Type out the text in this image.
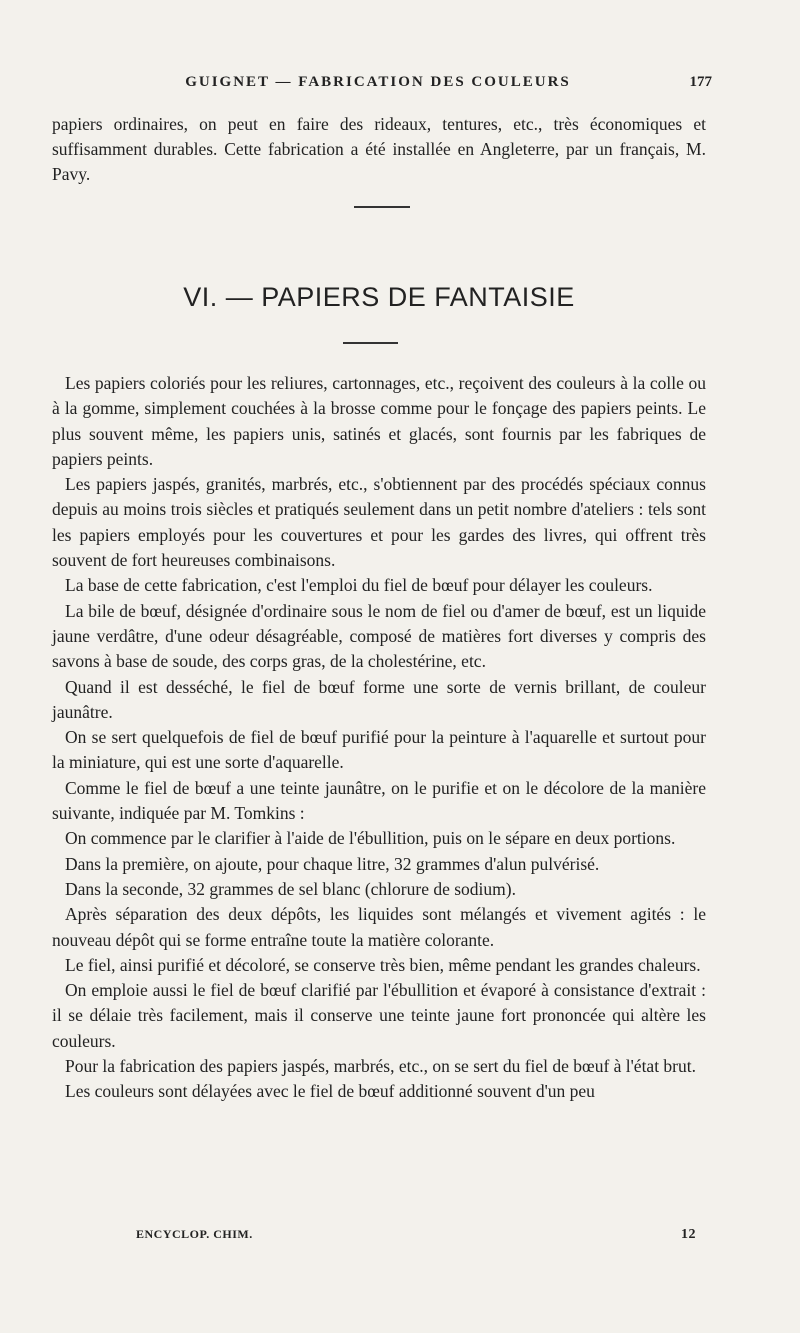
GUIGNET — FABRICATION DES COULEURS	177

papiers ordinaires, on peut en faire des rideaux, tentures, etc., très économiques et suffisamment durables. Cette fabrication a été installée en Angleterre, par un français, M. Pavy.

VI. — PAPIERS DE FANTAISIE

Les papiers coloriés pour les reliures, cartonnages, etc., reçoivent des couleurs à la colle ou à la gomme, simplement couchées à la brosse comme pour le fonçage des papiers peints. Le plus souvent même, les papiers unis, satinés et glacés, sont fournis par les fabriques de papiers peints.

Les papiers jaspés, granités, marbrés, etc., s'obtiennent par des procédés spéciaux connus depuis au moins trois siècles et pratiqués seulement dans un petit nombre d'ateliers : tels sont les papiers employés pour les couvertures et pour les gardes des livres, qui offrent très souvent de fort heureuses combinaisons.

La base de cette fabrication, c'est l'emploi du fiel de bœuf pour délayer les couleurs.

La bile de bœuf, désignée d'ordinaire sous le nom de fiel ou d'amer de bœuf, est un liquide jaune verdâtre, d'une odeur désagréable, composé de matières fort diverses y compris des savons à base de soude, des corps gras, de la cholestérine, etc.

Quand il est desséché, le fiel de bœuf forme une sorte de vernis brillant, de couleur jaunâtre.

On se sert quelquefois de fiel de bœuf purifié pour la peinture à l'aquarelle et surtout pour la miniature, qui est une sorte d'aquarelle.

Comme le fiel de bœuf a une teinte jaunâtre, on le purifie et on le décolore de la manière suivante, indiquée par M. Tomkins :

On commence par le clarifier à l'aide de l'ébullition, puis on le sépare en deux portions.

Dans la première, on ajoute, pour chaque litre, 32 grammes d'alun pulvérisé.

Dans la seconde, 32 grammes de sel blanc (chlorure de sodium).

Après séparation des deux dépôts, les liquides sont mélangés et vivement agités : le nouveau dépôt qui se forme entraîne toute la matière colorante.

Le fiel, ainsi purifié et décoloré, se conserve très bien, même pendant les grandes chaleurs.

On emploie aussi le fiel de bœuf clarifié par l'ébullition et évaporé à consistance d'extrait : il se délaie très facilement, mais il conserve une teinte jaune fort prononcée qui altère les couleurs.

Pour la fabrication des papiers jaspés, marbrés, etc., on se sert du fiel de bœuf à l'état brut.

Les couleurs sont délayées avec le fiel de bœuf additionné souvent d'un peu

ENCYCLOP. CHIM.	12
